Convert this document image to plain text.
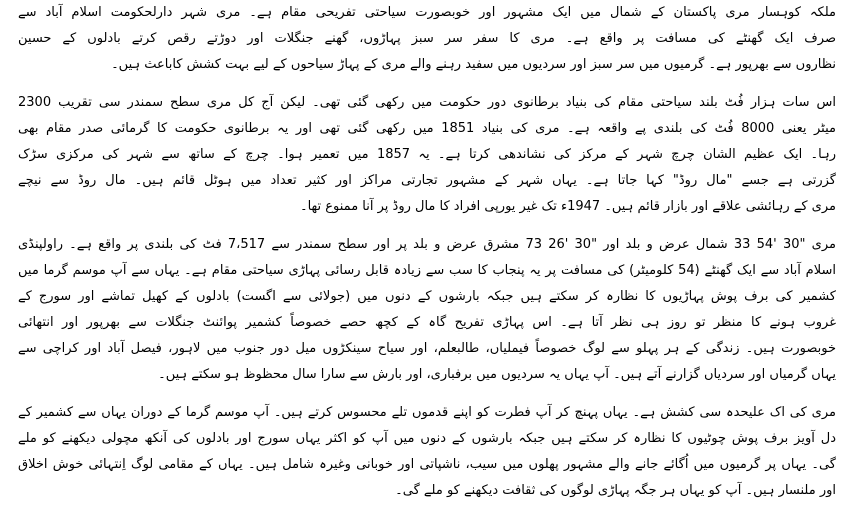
ملکہ کوہسار مری پاکستان کے شمال میں ایک مشہور اور خوبصورت سیاحتی تفریحی مقام ہے۔ مری شہر دارلحکومت اسلام آباد سے
صرف ایک گھنٹے کی مسافت پر واقع ہے۔ مری کا سفر سر سبز پہاڑوں، گھنے جنگلات اور دوڑتے رقص کرتے بادلوں کے حسین
نظاروں سے بھرپور ہے۔ گرمیوں میں سر سبز اور سردیوں میں سفید رہنے والے مری کے پہاڑ سیاحوں کے لیے بہت کشش کاباعث ہیں۔
اس سات ہزار فُٹ بلند سیاحتی مقام کی بنیاد برطانوی دور حکومت میں رکھی گئی تھی۔ لیکن آج کل مری سطح سمندر سی تقریب 2300
میٹر یعنی 8000 فُٹ کی بلندی پے واقعہ ہے۔ مری کی بنیاد 1851 میں رکھی گئی تھی اور یہ برطانوی حکومت کا گرمائی صدر مقام بھی
رہا۔ ایک عظیم الشان چرچ شہر کے مرکز کی نشاندھی کرتا ہے۔ یہ 1857 میں تعمیر ہوا۔ چرچ کے ساتھ سے شہر کی مرکزی سڑک
گزرتی ہے جسے "مال روڈ" کہا جاتا ہے۔ یہاں شہر کے مشہور تجارتی مراکز اور کثیر تعداد میں ہوٹل قائم ہیں۔ مال روڈ سے نیچے
مری کے رہائشی علاقے اور بازار قائم ہیں۔ 1947ء تک غیر یورپی افراد کا مال روڈ پر آنا ممنوع تھا۔
مری "30 '54 33 شمال عرض و بلد اور "30 '26 73 مشرق عرض و بلد پر اور سطح سمندر سے 7،517 فٹ کی بلندی پر واقع ہے۔ راولپنڈی
اسلام آباد سے ایک گھنٹے (54 کلومیٹر) کی مسافت پر یہ پنجاب کا سب سے زیادہ قابل رسائی پہاڑی سیاحتی مقام ہے۔ یہاں سے آپ موسم گرما میں
کشمیر کی برف پوش پہاڑیوں کا نظارہ کر سکتے ہیں جبکہ بارشوں کے دنوں میں (جولائی سے اگست) بادلوں کے کھیل تماشے اور سورج کے
غروب ہونے کا منظر تو روز ہی نظر آتا ہے۔ اس پہاڑی تفریح گاہ کے کچھ حصے خصوصاً کشمیر پوائنٹ جنگلات سے بھرپور اور انتھائی
خوبصورت ہیں۔ زندگی کے ہر پہلو سے لوگ خصوصاً فیملیاں، طالبعلم، اور سیاح سینکڑوں میل دور جنوب میں لاہور، فیصل آباد اور کراچی سے
یہاں گرمیاں اور سردیاں گزارنے آتے ہیں۔ آپ یہاں یہ سردیوں میں برفباری، اور بارش سے سارا سال محظوظ ہو سکتے ہیں۔
مری کی اک علیحدہ سی کشش ہے۔ یہاں پہنچ کر آپ فطرت کو اپنے قدموں تلے محسوس کرتے ہیں۔ آپ موسم گرما کے دوران یہاں سے کشمیر کے
دل آویز برف پوش چوٹیوں کا نظارہ کر سکتے ہیں جبکہ بارشوں کے دنوں میں آپ کو اکثر یہاں سورج اور بادلوں کی آنکھ مچولی دیکھنے کو ملے
گی۔ یہاں پر گرمیوں میں اُگائے جانے والے مشہور پھلوں میں سیب، ناشپاتی اور خوبانی وغیرہ شامل ہیں۔ یہاں کے مقامی لوگ اِنتہائی خوش اخلاق
اور ملنسار ہیں۔ آپ کو یہاں ہر جگہ پہاڑی لوگوں کی ثقافت دیکھنے کو ملے گی۔
